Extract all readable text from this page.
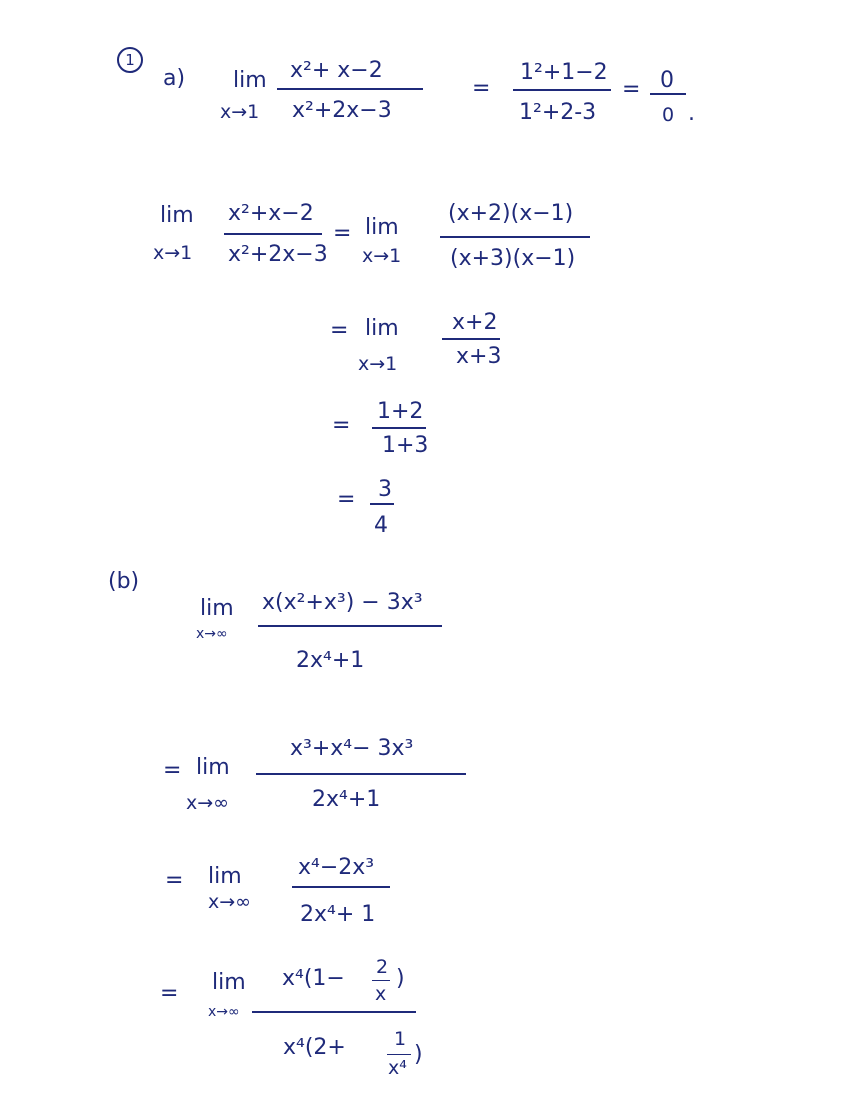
1
a) lim
x→1
x²+ x−2
x²+2x−3
=
1²+1−2
1²+2-3
= 0
0 .
lim
x→1
x²+x−2
x²+2x−3
= lim
x→1
(x+2)(x−1)
(x+3)(x−1)
= lim
x→1
x+2
x+3
=
1+2
1+3
= 3
4
(b)
lim
x→∞
x(x²+x³) − 3x³
2x⁴+1
= lim
x→∞
x³+x⁴− 3x³
2x⁴+1
= lim
x→∞
x⁴−2x³
2x⁴+ 1
= lim
x→∞
x⁴(1− 2
x
)
x⁴(2+	1
x⁴
)
